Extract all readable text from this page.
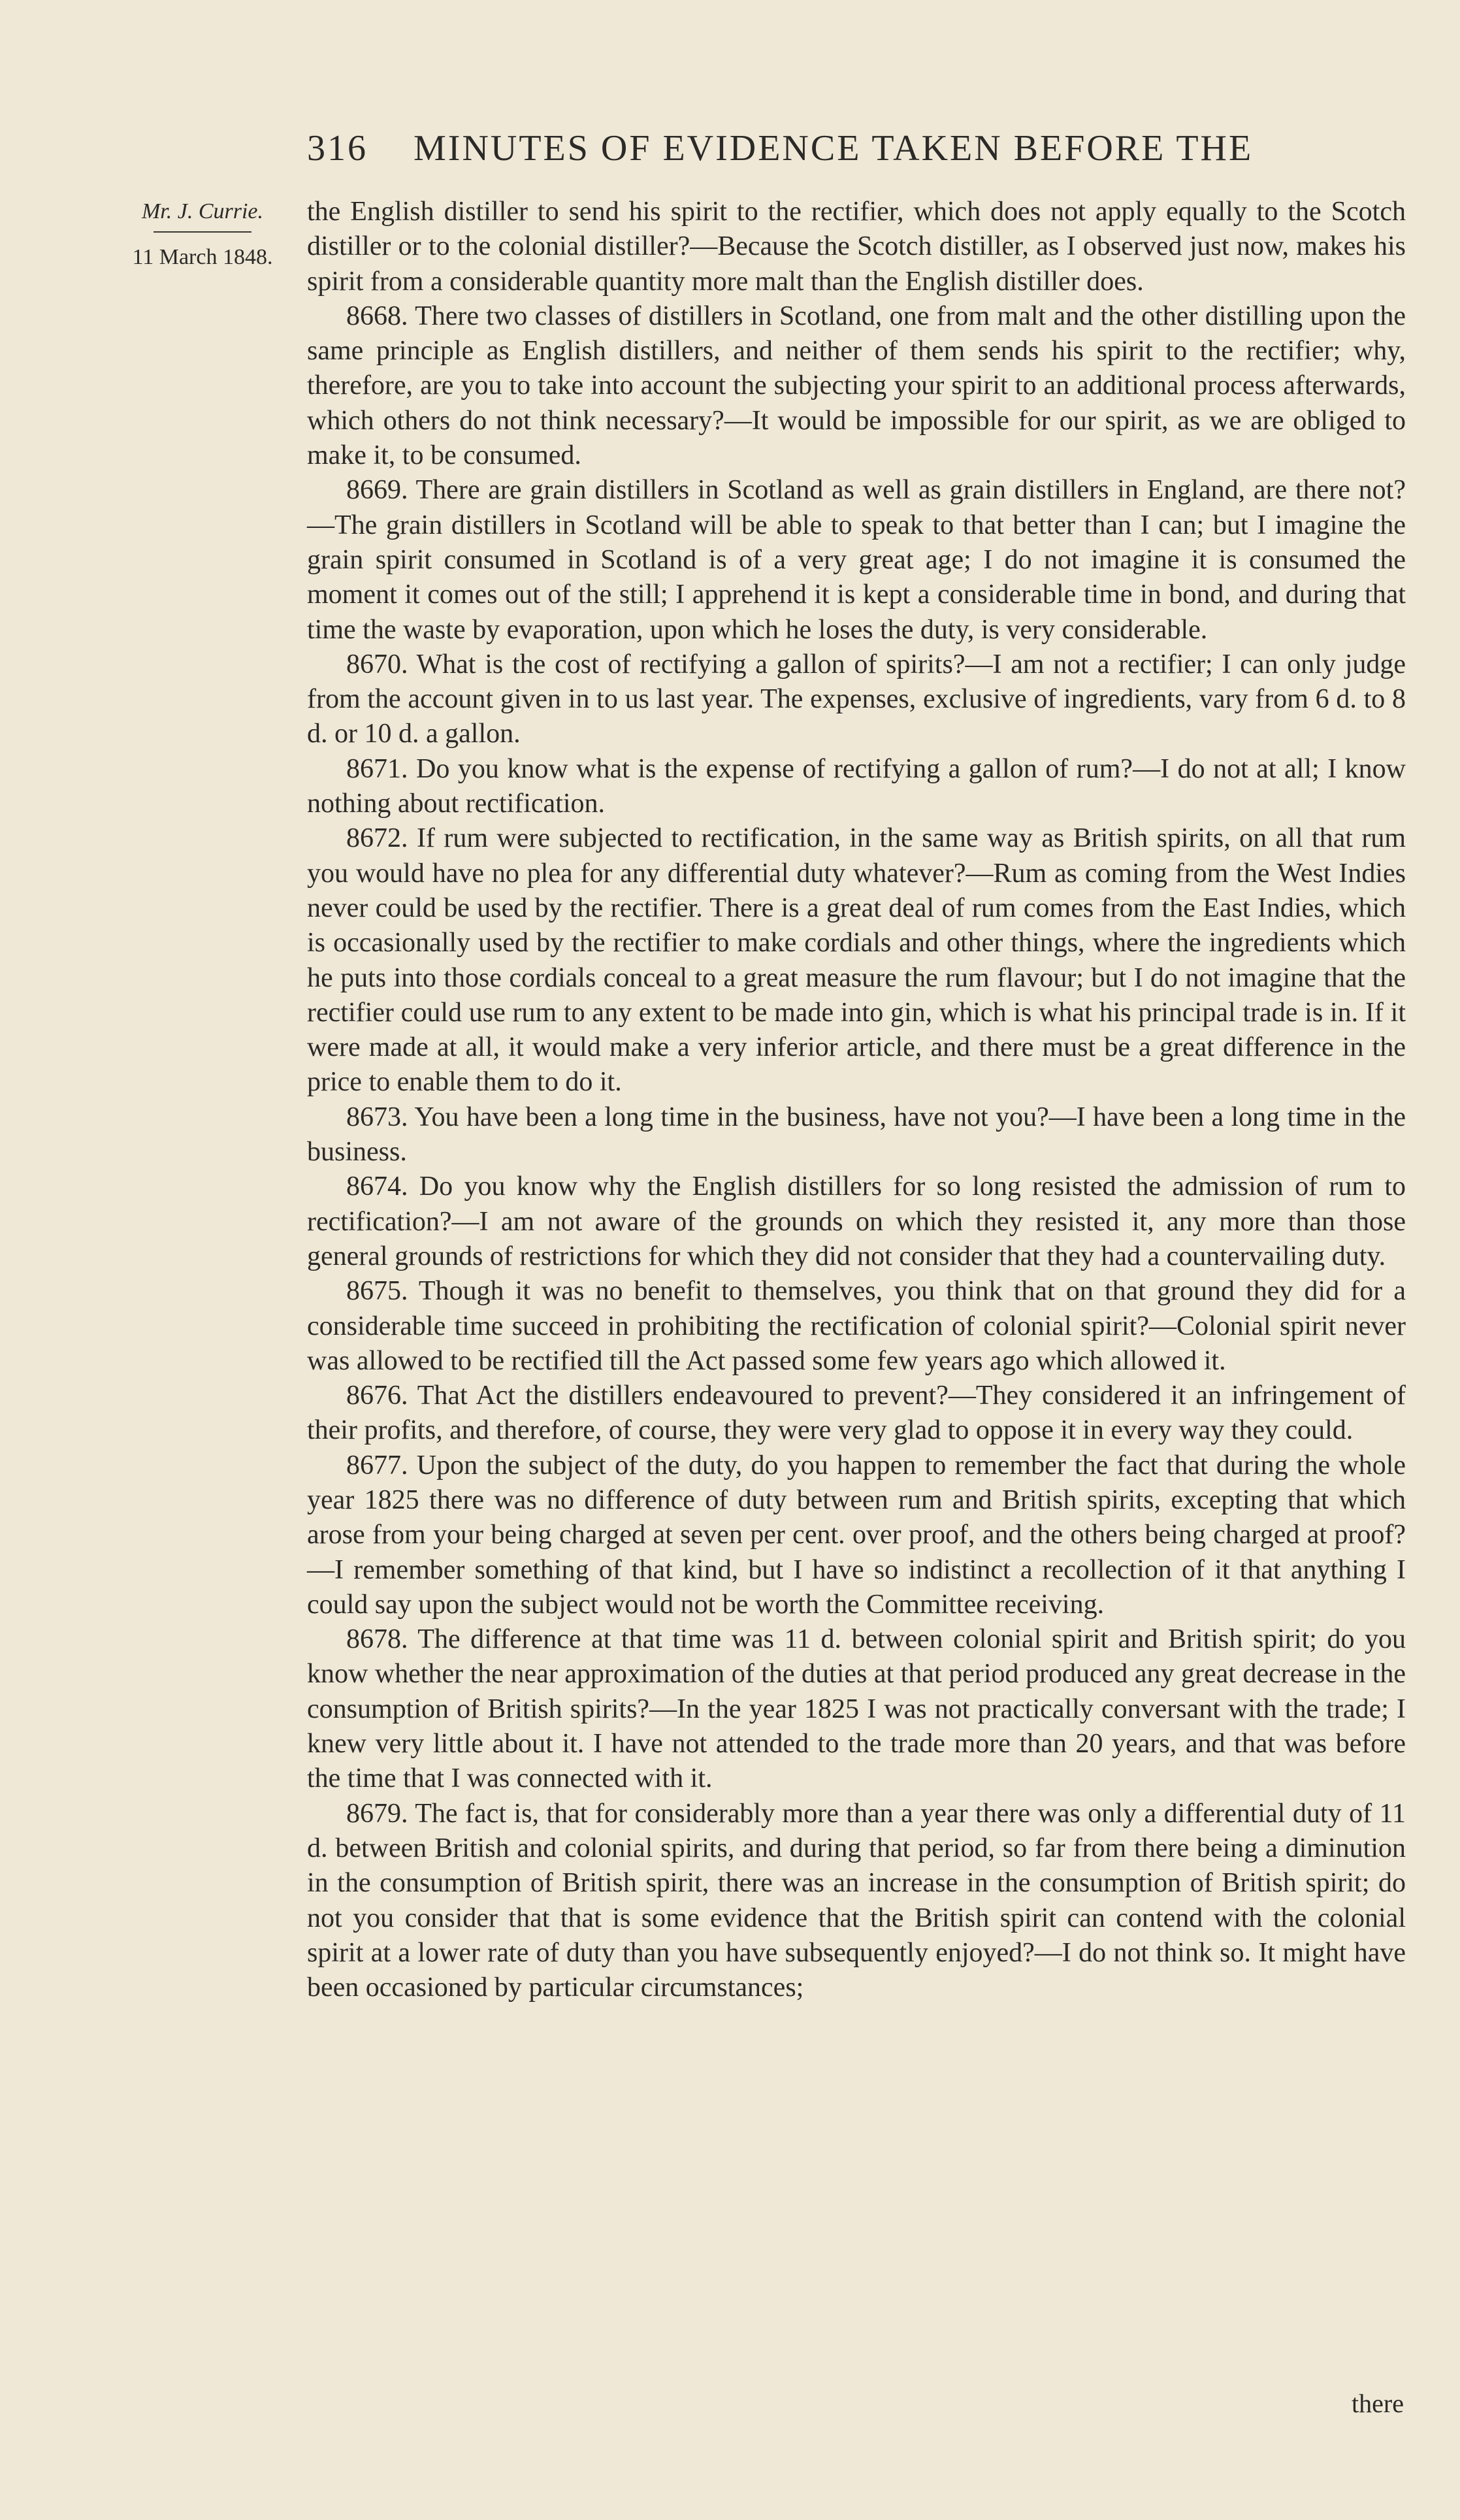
316 MINUTES OF EVIDENCE TAKEN BEFORE THE
Mr. J. Currie.
11 March 1848.

the English distiller to send his spirit to the rectifier, which does not apply equally to the Scotch distiller or to the colonial distiller?—Because the Scotch distiller, as I observed just now, makes his spirit from a considerable quantity more malt than the English distiller does.

8668. There two classes of distillers in Scotland, one from malt and the other distilling upon the same principle as English distillers, and neither of them sends his spirit to the rectifier; why, therefore, are you to take into account the subjecting your spirit to an additional process afterwards, which others do not think necessary?—It would be impossible for our spirit, as we are obliged to make it, to be consumed.

8669. There are grain distillers in Scotland as well as grain distillers in England, are there not?—The grain distillers in Scotland will be able to speak to that better than I can; but I imagine the grain spirit consumed in Scotland is of a very great age; I do not imagine it is consumed the moment it comes out of the still; I apprehend it is kept a considerable time in bond, and during that time the waste by evaporation, upon which he loses the duty, is very considerable.

8670. What is the cost of rectifying a gallon of spirits?—I am not a rectifier; I can only judge from the account given in to us last year. The expenses, exclusive of ingredients, vary from 6 d. to 8 d. or 10 d. a gallon.

8671. Do you know what is the expense of rectifying a gallon of rum?—I do not at all; I know nothing about rectification.

8672. If rum were subjected to rectification, in the same way as British spirits, on all that rum you would have no plea for any differential duty whatever?—Rum as coming from the West Indies never could be used by the rectifier. There is a great deal of rum comes from the East Indies, which is occasionally used by the rectifier to make cordials and other things, where the ingredients which he puts into those cordials conceal to a great measure the rum flavour; but I do not imagine that the rectifier could use rum to any extent to be made into gin, which is what his principal trade is in. If it were made at all, it would make a very inferior article, and there must be a great difference in the price to enable them to do it.

8673. You have been a long time in the business, have not you?—I have been a long time in the business.

8674. Do you know why the English distillers for so long resisted the admission of rum to rectification?—I am not aware of the grounds on which they resisted it, any more than those general grounds of restrictions for which they did not consider that they had a countervailing duty.

8675. Though it was no benefit to themselves, you think that on that ground they did for a considerable time succeed in prohibiting the rectification of colonial spirit?—Colonial spirit never was allowed to be rectified till the Act passed some few years ago which allowed it.

8676. That Act the distillers endeavoured to prevent?—They considered it an infringement of their profits, and therefore, of course, they were very glad to oppose it in every way they could.

8677. Upon the subject of the duty, do you happen to remember the fact that during the whole year 1825 there was no difference of duty between rum and British spirits, excepting that which arose from your being charged at seven per cent. over proof, and the others being charged at proof?—I remember something of that kind, but I have so indistinct a recollection of it that anything I could say upon the subject would not be worth the Committee receiving.

8678. The difference at that time was 11 d. between colonial spirit and British spirit; do you know whether the near approximation of the duties at that period produced any great decrease in the consumption of British spirits?—In the year 1825 I was not practically conversant with the trade; I knew very little about it. I have not attended to the trade more than 20 years, and that was before the time that I was connected with it.

8679. The fact is, that for considerably more than a year there was only a differential duty of 11 d. between British and colonial spirits, and during that period, so far from there being a diminution in the consumption of British spirit, there was an increase in the consumption of British spirit; do not you consider that that is some evidence that the British spirit can contend with the colonial spirit at a lower rate of duty than you have subsequently enjoyed?—I do not think so. It might have been occasioned by particular circumstances;

there
